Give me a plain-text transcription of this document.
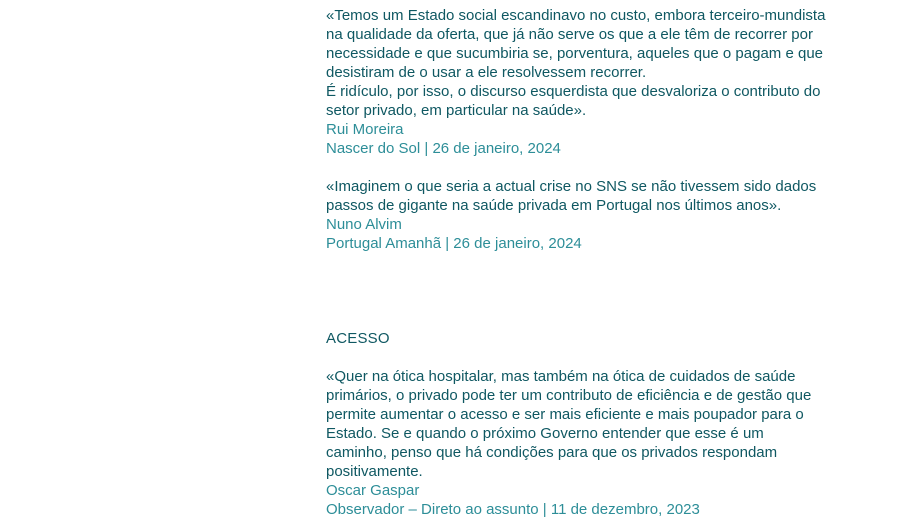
«Temos um Estado social escandinavo no custo, embora terceiro-mundista na qualidade da oferta, que já não serve os que a ele têm de recorrer por necessidade e que sucumbiria se, porventura, aqueles que o pagam e que desistiram de o usar a ele resolvessem recorrer.

É ridículo, por isso, o discurso esquerdista que desvaloriza o contributo do setor privado, em particular na saúde».

Rui Moreira
Nascer do Sol | 26 de janeiro, 2024

«Imaginem o que seria a actual crise no SNS se não tivessem sido dados passos de gigante na saúde privada em Portugal nos últimos anos».

Nuno Alvim
Portugal Amanhã | 26 de janeiro, 2024
ACESSO

«Quer na ótica hospitalar, mas também na ótica de cuidados de saúde primários, o privado pode ter um contributo de eficiência e de gestão que permite aumentar o acesso e ser mais eficiente e mais poupador para o Estado. Se e quando o próximo Governo entender que esse é um caminho, penso que há condições para que os privados respondam positivamente.

Oscar Gaspar
Observador – Direto ao assunto | 11 de dezembro, 2023
